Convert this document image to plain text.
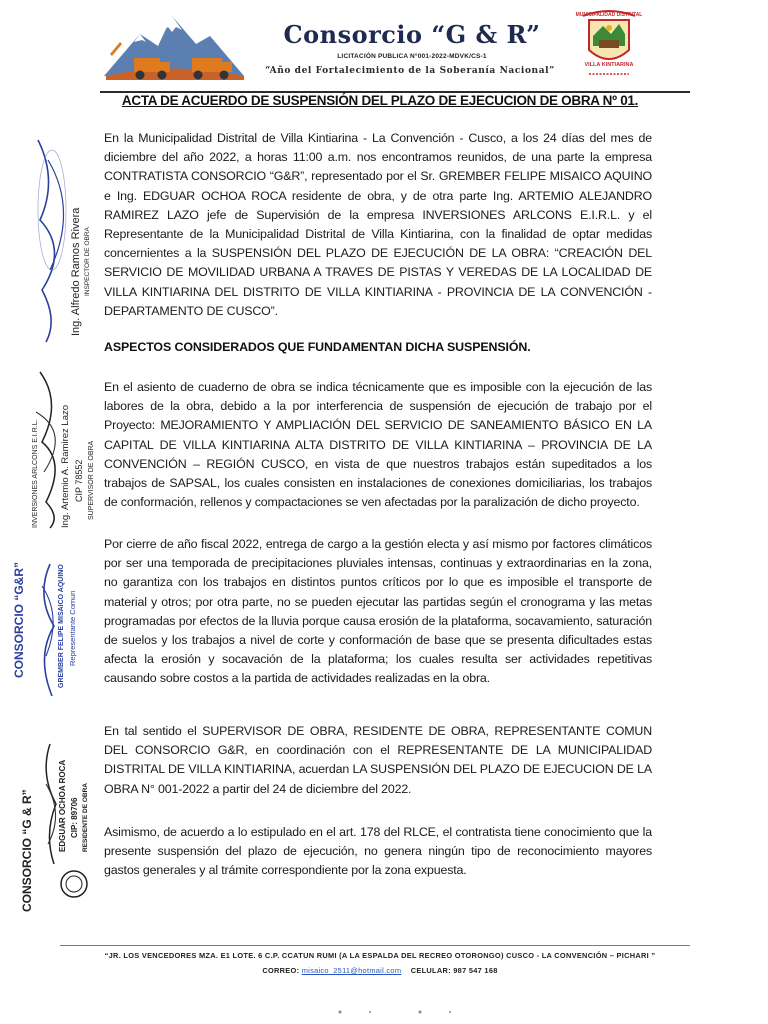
Consorcio “G & R”
LICITACIÓN PUBLICA N°001-2022-MDVK/CS-1
“Año del Fortalecimiento de la Soberanía Nacional”
MUNICIPALIDAD DISTRITAL
VILLA KINTIARINA
ACTA DE ACUERDO DE SUSPENSIÓN DEL PLAZO DE EJECUCION DE OBRA Nº 01.
En la Municipalidad Distrital de Villa Kintiarina - La Convención - Cusco, a los 24 días del mes de diciembre del año 2022, a horas 11:00 a.m. nos encontramos reunidos, de una parte la empresa CONTRATISTA CONSORCIO “G&R”, representado por el Sr. GREMBER FELIPE MISAICO AQUINO e Ing. EDGUAR OCHOA ROCA residente de obra, y de otra parte Ing. ARTEMIO ALEJANDRO RAMIREZ LAZO jefe de Supervisión de la empresa INVERSIONES ARLCONS E.I.R.L. y el Representante de la Municipalidad Distrital de Villa Kintiarina, con la finalidad de optar medidas concernientes a la SUSPENSIÓN DEL PLAZO DE EJECUCIÓN DE LA OBRA: “CREACIÓN DEL SERVICIO DE MOVILIDAD URBANA A TRAVES DE PISTAS Y VEREDAS DE LA LOCALIDAD DE VILLA KINTIARINA DEL DISTRITO DE VILLA KINTIARINA - PROVINCIA DE LA CONVENCIÓN - DEPARTAMENTO DE CUSCO”.
ASPECTOS CONSIDERADOS QUE FUNDAMENTAN DICHA SUSPENSIÓN.
En el asiento de cuaderno de obra se indica técnicamente que es imposible con la ejecución de las labores de la obra, debido a la por interferencia de suspensión de ejecución de trabajo por el Proyecto: MEJORAMIENTO Y AMPLIACIÓN DEL SERVICIO DE SANEAMIENTO BÁSICO EN LA CAPITAL DE VILLA KINTIARINA ALTA DISTRITO DE VILLA KINTIARINA – PROVINCIA DE LA CONVENCIÓN – REGIÓN CUSCO, en vista de que nuestros trabajos están supeditados a los trabajos de SAPSAL, los cuales consisten en instalaciones de conexiones domiciliarias, los trabajos de conformación, rellenos y compactaciones se ven afectadas por la paralización de dicho proyecto.
Por cierre de año fiscal 2022, entrega de cargo a la gestión electa y así mismo por factores climáticos por ser una temporada de precipitaciones pluviales intensas, continuas y extraordinarias en la zona, no garantiza con los trabajos en distintos puntos críticos por lo que es imposible el transporte de material y otros; por otra parte, no se pueden ejecutar las partidas según el cronograma y las metas programadas por efectos de la lluvia porque causa erosión de la plataforma, socavamiento, saturación de suelos y los trabajos a nivel de corte y conformación de base que se presenta dificultades estas afecta la erosión y socavación de la plataforma; los cuales resulta ser actividades repetitivas causando sobre costos a la partida de actividades realizadas en la obra.
En tal sentido el SUPERVISOR DE OBRA, RESIDENTE DE OBRA, REPRESENTANTE COMUN DEL CONSORCIO G&R, en coordinación con el REPRESENTANTE DE LA MUNICIPALIDAD DISTRITAL DE VILLA KINTIARINA, acuerdan LA SUSPENSIÓN DEL PLAZO DE EJECUCION DE LA OBRA N° 001-2022 a partir del 24 de diciembre del 2022.
Asimismo, de acuerdo a lo estipulado en el art. 178 del RLCE, el contratista tiene conocimiento que la presente suspensión del plazo de ejecución, no genera ningún tipo de reconocimiento mayores gastos generales y al trámite correspondiente por la zona expuesta.
Ing. Alfredo Ramos Rivera INSPECTOR DE OBRA
INVERSIONES ARLCONS E.I.R.L. Ing. Artemio A. Ramirez Lazo CIP 78552 SUPERVISOR DE OBRA
CONSORCIO “G&R”	GREMBER FELIPE MISAICO AQUINO Representante Comun
CONSORCIO “G & R”	EDGUAR OCHOA ROCA CIP: 89706 RESIDENTE DE OBRA
“JR. LOS VENCEDORES MZA. E1 LOTE. 6 C.P. CCATUN RUMI (A LA ESPALDA DEL RECREO OTORONGO) CUSCO - LA CONVENCIÓN – PICHARI ”
CORREO: misaico_2511@hotmail.com CELULAR: 987 547 168
